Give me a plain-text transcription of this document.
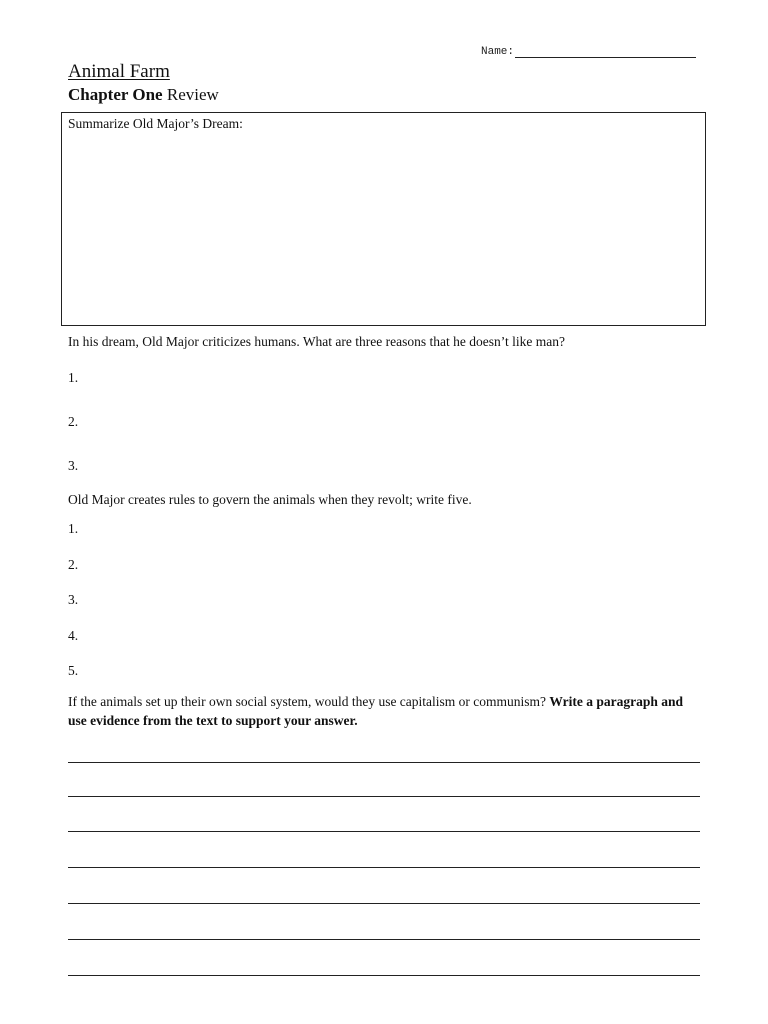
Name:
Animal Farm
Chapter One Review
Summarize Old Major’s Dream:
In his dream, Old Major criticizes humans. What are three reasons that he doesn’t like man?
1.
2.
3.
Old Major creates rules to govern the animals when they revolt; write five.
1.
2.
3.
4.
5.
If the animals set up their own social system, would they use capitalism or communism? Write a paragraph and use evidence from the text to support your answer.
